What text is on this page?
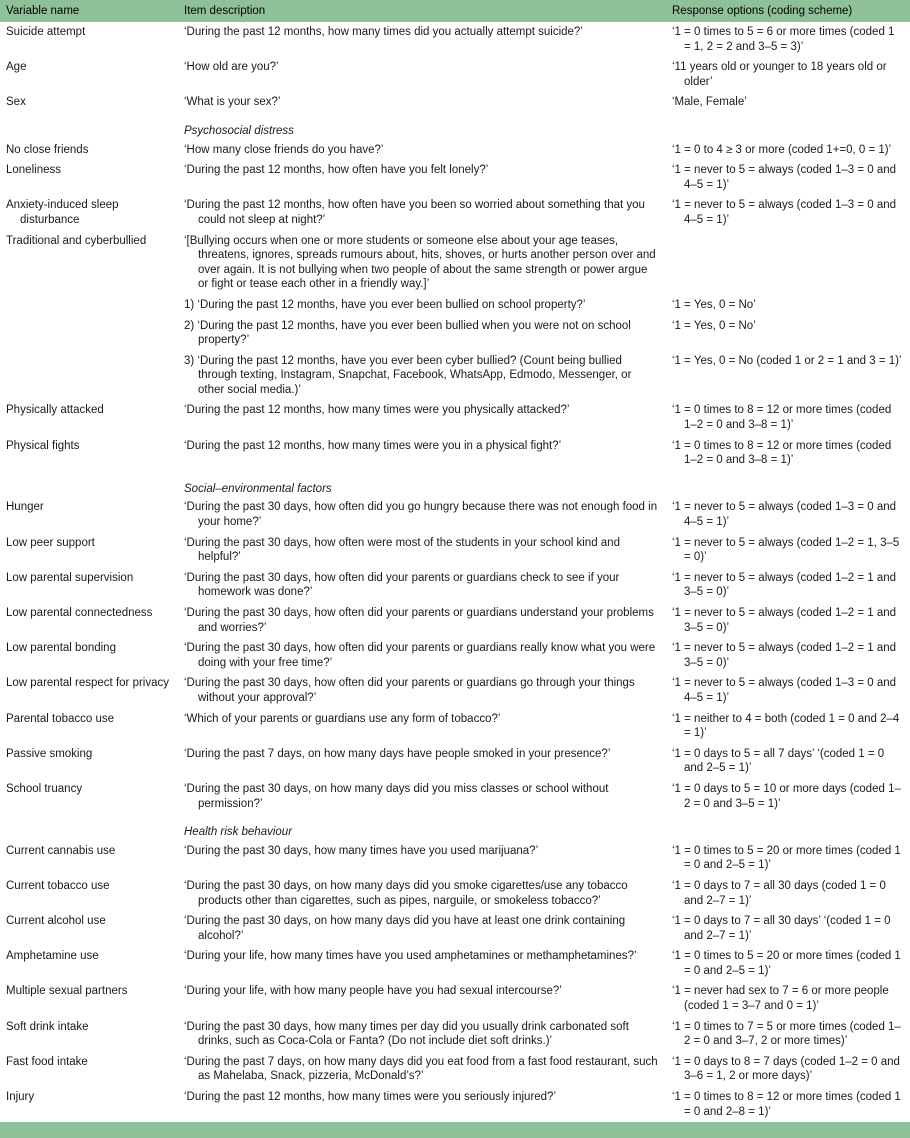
Variable name	Item description	Response options (coding scheme)

Suicide attempt	‘During the past 12 months, how many times did you actually attempt suicide?’	‘1 = 0 times to 5 = 6 or more times (coded 1 = 1, 2 = 2 and 3–5 = 3)’

Age	‘How old are you?’	‘11 years old or younger to 18 years old or older’

Sex	‘What is your sex?’	‘Male, Female’

	Psychosocial distress	

No close friends	‘How many close friends do you have?’	‘1 = 0 to 4 ≥ 3 or more (coded 1+=0, 0 = 1)’

Loneliness	‘During the past 12 months, how often have you felt lonely?’	‘1 = never to 5 = always (coded 1–3 = 0 and 4–5 = 1)’

Anxiety-induced sleep disturbance	‘During the past 12 months, how often have you been so worried about something that you could not sleep at night?’	‘1 = never to 5 = always (coded 1–3 = 0 and 4–5 = 1)’

Traditional and cyberbullied	‘[Bullying occurs when one or more students or someone else about your age teases, threatens, ignores, spreads rumours about, hits, shoves, or hurts another person over and over again. It is not bullying when two people of about the same strength or power argue or fight or tease each other in a friendly way.]’	

	1) ‘During the past 12 months, have you ever been bullied on school property?’	‘1 = Yes, 0 = No’

	2) ‘During the past 12 months, have you ever been bullied when you were not on school property?’	‘1 = Yes, 0 = No’

	3) ‘During the past 12 months, have you ever been cyber bullied? (Count being bullied through texting, Instagram, Snapchat, Facebook, WhatsApp, Edmodo, Messenger, or other social media.)’	‘1 = Yes, 0 = No (coded 1 or 2 = 1 and 3 = 1)’

Physically attacked	‘During the past 12 months, how many times were you physically attacked?’	‘1 = 0 times to 8 = 12 or more times (coded 1–2 = 0 and 3–8 = 1)’

Physical fights	‘During the past 12 months, how many times were you in a physical fight?’	‘1 = 0 times to 8 = 12 or more times (coded 1–2 = 0 and 3–8 = 1)’

	Social–environmental factors	

Hunger	‘During the past 30 days, how often did you go hungry because there was not enough food in your home?’	‘1 = never to 5 = always (coded 1–3 = 0 and 4–5 = 1)’

Low peer support	‘During the past 30 days, how often were most of the students in your school kind and helpful?’	‘1 = never to 5 = always (coded 1–2 = 1, 3–5 = 0)’

Low parental supervision	‘During the past 30 days, how often did your parents or guardians check to see if your homework was done?’	‘1 = never to 5 = always (coded 1–2 = 1 and 3–5 = 0)’

Low parental connectedness	‘During the past 30 days, how often did your parents or guardians understand your problems and worries?’	‘1 = never to 5 = always (coded 1–2 = 1 and 3–5 = 0)’

Low parental bonding	‘During the past 30 days, how often did your parents or guardians really know what you were doing with your free time?’	‘1 = never to 5 = always (coded 1–2 = 1 and 3–5 = 0)’

Low parental respect for privacy	‘During the past 30 days, how often did your parents or guardians go through your things without your approval?’	‘1 = never to 5 = always (coded 1–3 = 0 and 4–5 = 1)’

Parental tobacco use	‘Which of your parents or guardians use any form of tobacco?’	‘1 = neither to 4 = both (coded 1 = 0 and 2–4 = 1)’

Passive smoking	‘During the past 7 days, on how many days have people smoked in your presence?’	‘1 = 0 days to 5 = all 7 days’ ‘(coded 1 = 0 and 2–5 = 1)’

School truancy	‘During the past 30 days, on how many days did you miss classes or school without permission?’	‘1 = 0 days to 5 = 10 or more days (coded 1–2 = 0 and 3–5 = 1)’

	Health risk behaviour	

Current cannabis use	‘During the past 30 days, how many times have you used marijuana?’	‘1 = 0 times to 5 = 20 or more times (coded 1 = 0 and 2–5 = 1)’

Current tobacco use	‘During the past 30 days, on how many days did you smoke cigarettes/use any tobacco products other than cigarettes, such as pipes, narguile, or smokeless tobacco?’	‘1 = 0 days to 7 = all 30 days (coded 1 = 0 and 2–7 = 1)’

Current alcohol use	‘During the past 30 days, on how many days did you have at least one drink containing alcohol?’	‘1 = 0 days to 7 = all 30 days’ ‘(coded 1 = 0 and 2–7 = 1)’

Amphetamine use	‘During your life, how many times have you used amphetamines or methamphetamines?’	‘1 = 0 times to 5 = 20 or more times (coded 1 = 0 and 2–5 = 1)’

Multiple sexual partners	‘During your life, with how many people have you had sexual intercourse?’	‘1 = never had sex to 7 = 6 or more people (coded 1 = 3–7 and 0 = 1)’

Soft drink intake	‘During the past 30 days, how many times per day did you usually drink carbonated soft drinks, such as Coca-Cola or Fanta? (Do not include diet soft drinks.)’	‘1 = 0 times to 7 = 5 or more times (coded 1–2 = 0 and 3–7, 2 or more times)’

Fast food intake	‘During the past 7 days, on how many days did you eat food from a fast food restaurant, such as Mahelaba, Snack, pizzeria, McDonald’s?’	‘1 = 0 days to 8 = 7 days (coded 1–2 = 0 and 3–6 = 1, 2 or more days)’

Injury	‘During the past 12 months, how many times were you seriously injured?’	‘1 = 0 times to 8 = 12 or more times (coded 1 = 0 and 2–8 = 1)’
